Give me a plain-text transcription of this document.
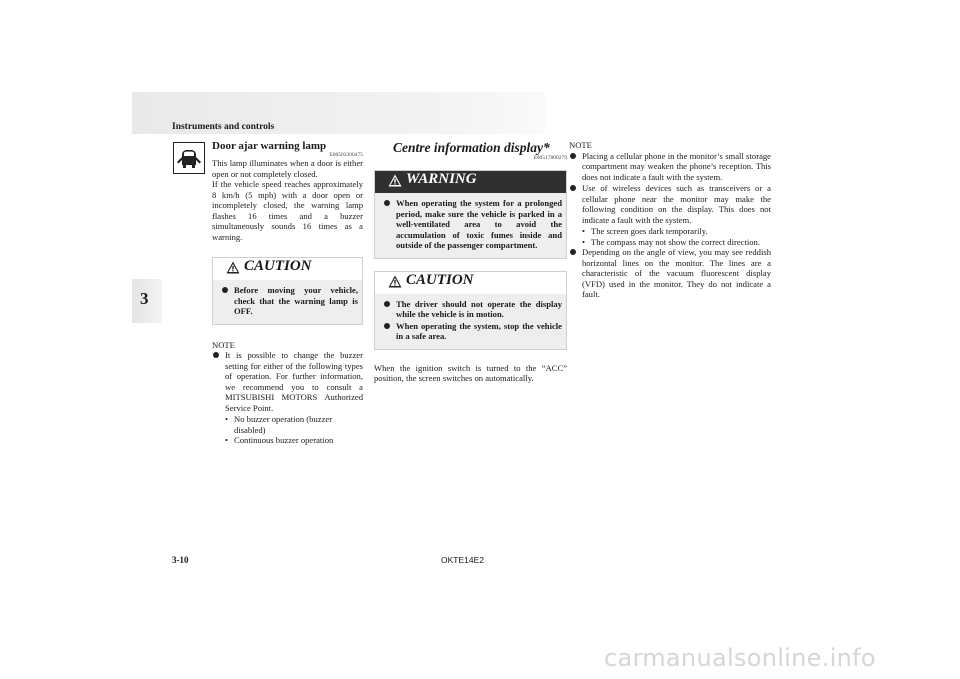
Instruments and controls
3
Door ajar warning lamp
E00503300475
This lamp illuminates when a door is either open or not completely closed.
If the vehicle speed reaches approximately 8 km/h (5 mph) with a door open or incompletely closed, the warning lamp flashes 16 times and a buzzer simultaneously sounds 16 times as a warning.
CAUTION
Before moving your vehicle, check that the warning lamp is OFF.
NOTE
It is possible to change the buzzer setting for either of the following types of operation. For further information, we recommend you to consult a MITSUBISHI MOTORS Authorized Service Point.
• No buzzer operation (buzzer disabled)
• Continuous buzzer operation
Centre information display*
E00517800279
WARNING
When operating the system for a prolonged period, make sure the vehicle is parked in a well-ventilated area to avoid the accumulation of toxic fumes inside and outside of the passenger compartment.
CAUTION
The driver should not operate the display while the vehicle is in motion.
When operating the system, stop the vehicle in a safe area.
When the ignition switch is turned to the “ACC” position, the screen switches on automatically.
NOTE
Placing a cellular phone in the monitor’s small storage compartment may weaken the phone’s reception. This does not indicate a fault with the system.
Use of wireless devices such as transceivers or a cellular phone near the monitor may make the following condition on the display. This does not indicate a fault with the system.
• The screen goes dark temporarily.
• The compass may not show the correct direction.
Depending on the angle of view, you may see reddish horizontal lines on the monitor. The lines are a characteristic of the vacuum fluorescent display (VFD) used in the monitor. They do not indicate a fault.
3-10	OKTE14E2
carmanualsonline.info
